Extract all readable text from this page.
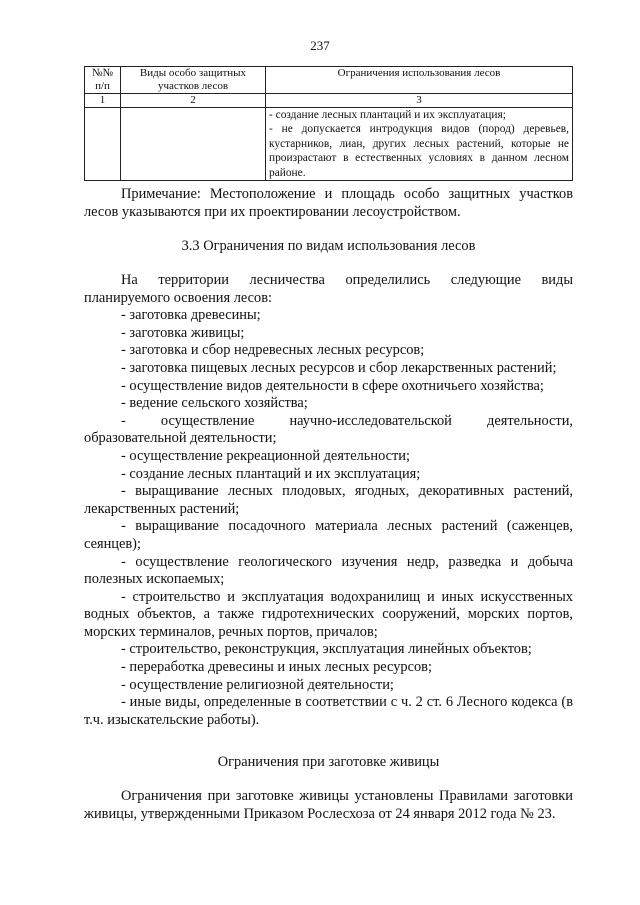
237
№№ п/п	Виды особо защитных участков лесов	Ограничения использования лесов
1	2	3

		- создание лесных плантаций и их эксплуатация;
- не допускается интродукция видов (пород) деревьев, кустарников, лиан, других лесных растений, которые не произрастают в естественных условиях в данном лесном районе.

Примечание: Местоположение и площадь особо защитных участков лесов указываются при их проектировании лесоустройством.

3.3 Ограничения по видам использования лесов

На территории лесничества определились следующие виды планируемого освоения лесов:

- заготовка древесины;

- заготовка живицы;

- заготовка и сбор недревесных лесных ресурсов;

- заготовка пищевых лесных ресурсов и сбор лекарственных растений;

- осуществление видов деятельности в сфере охотничьего хозяйства;

- ведение сельского хозяйства;

- осуществление научно-исследовательской деятельности, образовательной деятельности;

- осуществление рекреационной деятельности;

- создание лесных плантаций и их эксплуатация;

- выращивание лесных плодовых, ягодных, декоративных растений, лекарственных растений;

- выращивание посадочного материала лесных растений (саженцев, сеянцев);

- осуществление геологического изучения недр, разведка и добыча полезных ископаемых;

- строительство и эксплуатация водохранилищ и иных искусственных водных объектов, а также гидротехнических сооружений, морских портов, морских терминалов, речных портов, причалов;

- строительство, реконструкция, эксплуатация линейных объектов;

- переработка древесины и иных лесных ресурсов;

- осуществление религиозной деятельности;

- иные виды, определенные в соответствии с ч. 2 ст. 6 Лесного кодекса (в т.ч. изыскательские работы).

Ограничения при заготовке живицы

Ограничения при заготовке живицы установлены Правилами заготовки живицы, утвержденными Приказом Рослесхоза от 24 января 2012 года № 23.
